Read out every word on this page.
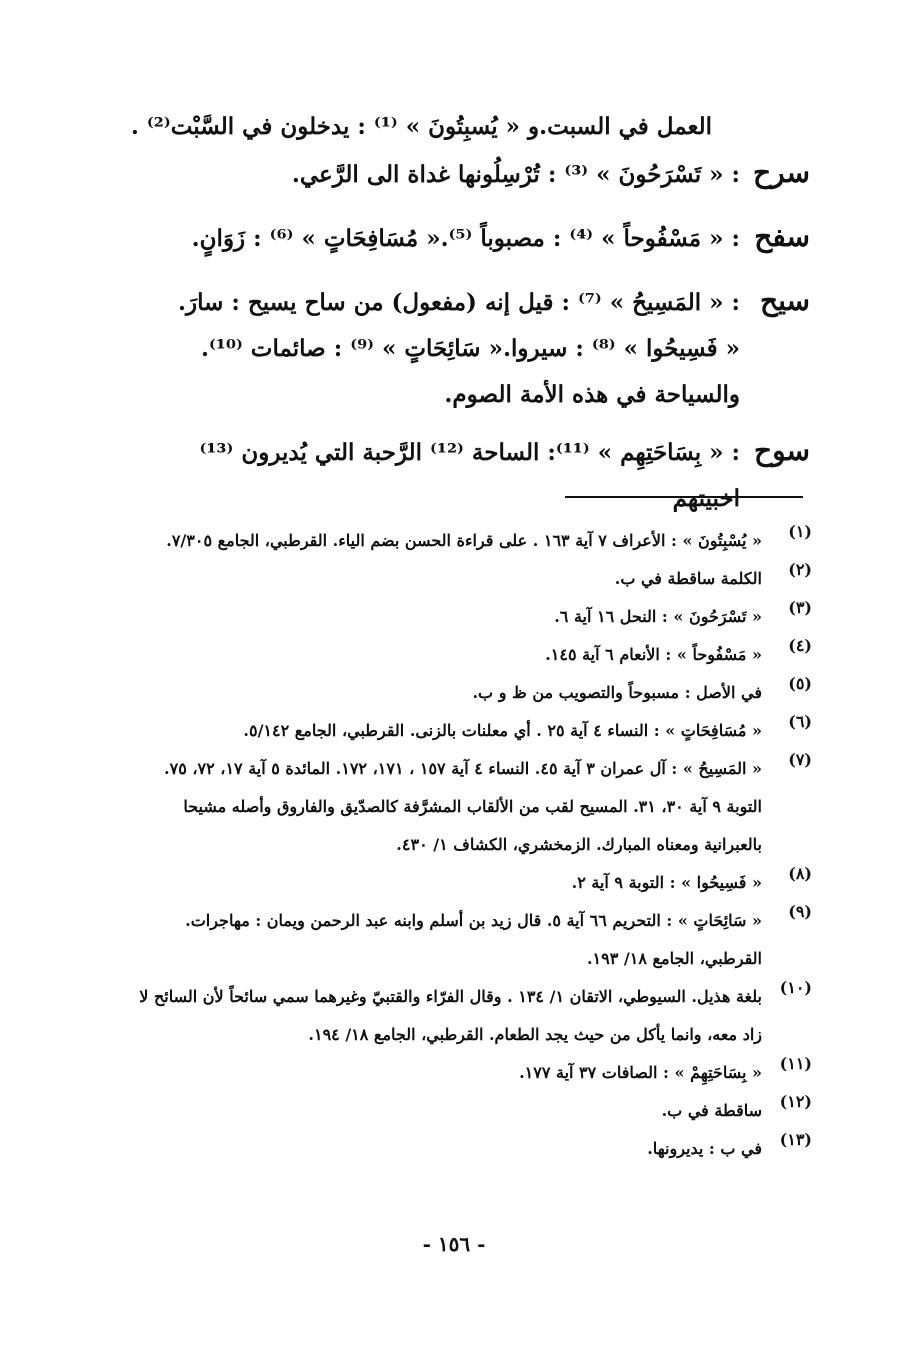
العمل في السبت.و « يُسبِتُونَ » ⁽¹⁾ : يدخلون في السَّبْت⁽²⁾ .

سرح

: « تَسْرَحُونَ » ⁽³⁾ : تُرْسِلُونها غداة الى الرَّعي.

سفح

: « مَسْفُوحاً » ⁽⁴⁾ : مصبوباً ⁽⁵⁾.« مُسَافِحَاتٍ » ⁽⁶⁾ : زَوَانٍ.

سيح

: « المَسِيحُ » ⁽⁷⁾ : قيل إنه (مفعول) من ساح يسيح : سارَ.

« فَسِيحُوا » ⁽⁸⁾ : سيروا.« سَائِحَاتٍ » ⁽⁹⁾ : صائمات ⁽¹⁰⁾.

والسياحة في هذه الأمة الصوم.

سوح

: « بِسَاحَتِهِم » ⁽¹¹⁾: الساحة ⁽¹²⁾ الرَّحبة التي يُديرون ⁽¹³⁾ اخبيتهم

(١)
« يُسْبِتُونَ » : الأعراف ٧ آية ١٦٣ . على قراءة الحسن بضم الياء. القرطبي، الجامع ٧/٣٠٥.
(٢)
الكلمة ساقطة في ب.
(٣)
« تَسْرَحُونَ » : النحل ١٦ آية ٦.
(٤)
« مَسْفُوحاً » : الأنعام ٦ آية ١٤٥.
(٥)
في الأصل : مسبوحاً والتصويب من ظ و ب.
(٦)
« مُسَافِحَاتٍ » : النساء ٤ آية ٢٥ . أي معلنات بالزنى. القرطبي، الجامع ٥/١٤٢.
(٧)
« المَسِيحُ » : آل عمران ٣ آية ٤٥. النساء ٤ آية ١٥٧ ، ١٧١، ١٧٢. المائدة ٥ آية ١٧، ٧٢، ٧٥. التوبة ٩ آية ٣٠، ٣١. المسيح لقب من الألقاب المشرَّفة كالصدّيق والفاروق وأصله مشيحا بالعبرانية ومعناه المبارك. الزمخشري، الكشاف ١/ ٤٣٠.
(٨)
« فَسِيحُوا » : التوبة ٩ آية ٢.
(٩)
« سَائِحَاتٍ » : التحريم ٦٦ آية ٥. قال زيد بن أسلم وابنه عبد الرحمن ويمان : مهاجرات. القرطبي، الجامع ١٨/ ١٩٣.
(١٠)
بلغة هذيل. السيوطي، الاتقان ١/ ١٣٤ . وقال الفرّاء والقتبيّ وغيرهما سمي سائحاً لأن السائح لا زاد معه، وانما يأكل من حيث يجد الطعام. القرطبي، الجامع ١٨/ ١٩٤.
(١١)
« بِسَاحَتِهِمْ » : الصافات ٣٧ آية ١٧٧.
(١٢)
ساقطة في ب.
(١٣)
في ب : يديرونها.
- ١٥٦ -
